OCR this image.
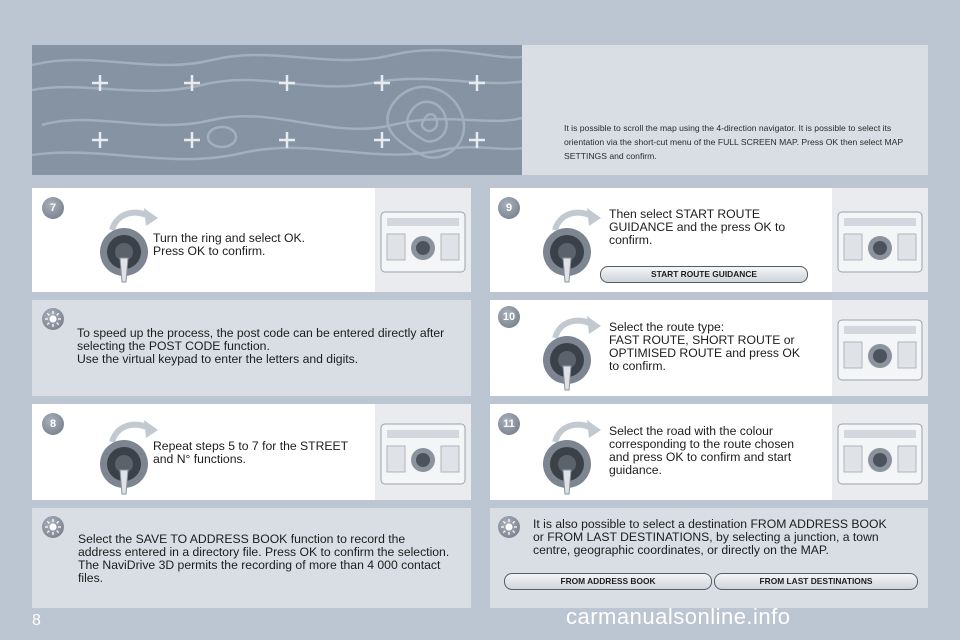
It is possible to scroll the map using the 4-direction navigator. It is possible to select its orientation via the short-cut menu of the FULL SCREEN MAP. Press OK then select MAP SETTINGS and confirm.

7
Turn the ring and select OK.
Press OK to confirm.
To speed up the process, the post code can be entered directly after
selecting the POST CODE function.
Use the virtual keypad to enter the letters and digits.
8
Repeat steps 5 to 7 for the STREET
and N° functions.
Select the SAVE TO ADDRESS BOOK function to record the
address entered in a directory file. Press OK to confirm the selection.
The NaviDrive 3D permits the recording of more than 4 000 contact
files.
9	Then select START ROUTE
GUIDANCE and the press OK to
confirm.
START ROUTE GUIDANCE
10
Select the route type:
FAST ROUTE, SHORT ROUTE or
OPTIMISED ROUTE and press OK
to confirm.
11	Select the road with the colour
corresponding to the route chosen
and press OK to confirm and start
guidance.
It is also possible to select a destination FROM ADDRESS BOOK
or FROM LAST DESTINATIONS, by selecting a junction, a town
centre, geographic coordinates, or directly on the MAP.
FROM ADDRESS BOOK	FROM LAST DESTINATIONS
8	carmanualsonline.info
